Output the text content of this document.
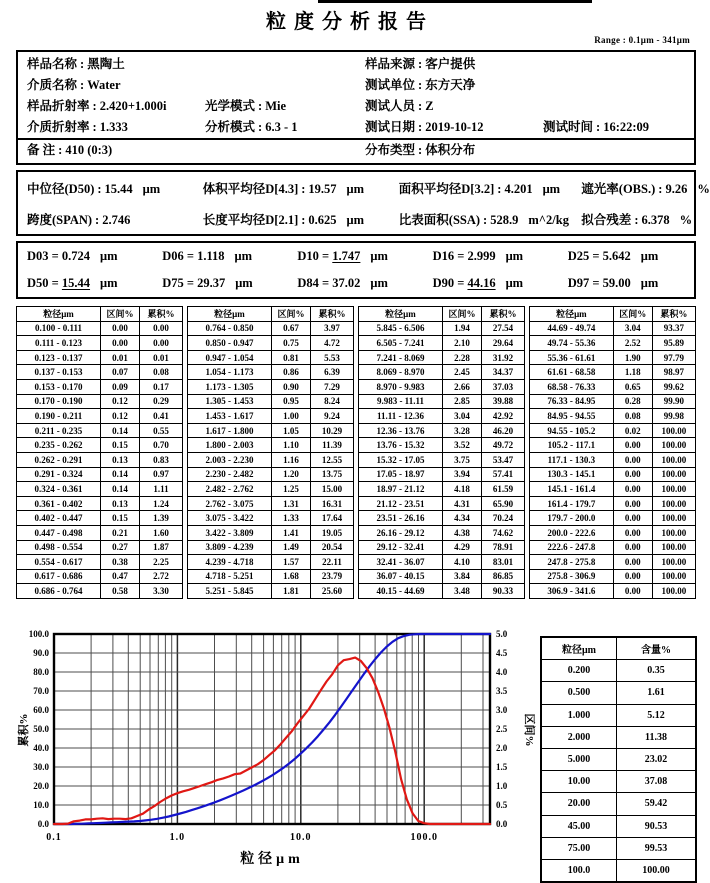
粒度分析报告
Range : 0.1μm - 341μm
样品名称 : 黑陶土
介质名称 : Water
样品折射率 : 2.420+1.000i	光学模式 : Mie
介质折射率 : 1.333	分析模式 : 6.3 - 1
备 注 : 410 (0:3)
样品来源 : 客户提供
测试单位 : 东方天净
测试人员 : Z
测试日期 : 2019-10-12	测试时间 : 16:22:09
分布类型 : 体积分布
中位径(D50) : 15.44 μm	体积平均径D[4.3] : 19.57 μm	面积平均径D[3.2] : 4.201 μm	遮光率(OBS.) : 9.26 %
跨度(SPAN) : 2.746	长度平均径D[2.1] : 0.625 μm	比表面积(SSA) : 528.9 m^2/kg 拟合残差 : 6.378 %
D03 = 0.724 μm	D06 = 1.118 μm	D10 = 1.747 μm	D16 = 2.999 μm	D25 = 5.642 μm
D50 = 15.44 μm	D75 = 29.37 μm	D84 = 37.02 μm	D90 = 44.16 μm	D97 = 59.00 μm
粒径μm	区间%	累积%
0.100 - 0.111	0.00	0.00
0.111 - 0.123	0.00	0.00
0.123 - 0.137	0.01	0.01
0.137 - 0.153	0.07	0.08
0.153 - 0.170	0.09	0.17
0.170 - 0.190	0.12	0.29
0.190 - 0.211	0.12	0.41
0.211 - 0.235	0.14	0.55
0.235 - 0.262	0.15	0.70
0.262 - 0.291	0.13	0.83
0.291 - 0.324	0.14	0.97
0.324 - 0.361	0.14	1.11
0.361 - 0.402	0.13	1.24
0.402 - 0.447	0.15	1.39
0.447 - 0.498	0.21	1.60
0.498 - 0.554	0.27	1.87
0.554 - 0.617	0.38	2.25
0.617 - 0.686	0.47	2.72
0.686 - 0.764	0.58	3.30
粒径μm	区间%	累积%
0.764 - 0.850	0.67	3.97
0.850 - 0.947	0.75	4.72
0.947 - 1.054	0.81	5.53
1.054 - 1.173	0.86	6.39
1.173 - 1.305	0.90	7.29
1.305 - 1.453	0.95	8.24
1.453 - 1.617	1.00	9.24
1.617 - 1.800	1.05	10.29
1.800 - 2.003	1.10	11.39
2.003 - 2.230	1.16	12.55
2.230 - 2.482	1.20	13.75
2.482 - 2.762	1.25	15.00
2.762 - 3.075	1.31	16.31
3.075 - 3.422	1.33	17.64
3.422 - 3.809	1.41	19.05
3.809 - 4.239	1.49	20.54
4.239 - 4.718	1.57	22.11
4.718 - 5.251	1.68	23.79
5.251 - 5.845	1.81	25.60
粒径μm	区间%	累积%
5.845 - 6.506	1.94	27.54
6.505 - 7.241	2.10	29.64
7.241 - 8.069	2.28	31.92
8.069 - 8.970	2.45	34.37
8.970 - 9.983	2.66	37.03
9.983 - 11.11	2.85	39.88
11.11 - 12.36	3.04	42.92
12.36 - 13.76	3.28	46.20
13.76 - 15.32	3.52	49.72
15.32 - 17.05	3.75	53.47
17.05 - 18.97	3.94	57.41
18.97 - 21.12	4.18	61.59
21.12 - 23.51	4.31	65.90
23.51 - 26.16	4.34	70.24
26.16 - 29.12	4.38	74.62
29.12 - 32.41	4.29	78.91
32.41 - 36.07	4.10	83.01
36.07 - 40.15	3.84	86.85
40.15 - 44.69	3.48	90.33
粒径μm	区间%	累积%
44.69 - 49.74	3.04	93.37
49.74 - 55.36	2.52	95.89
55.36 - 61.61	1.90	97.79
61.61 - 68.58	1.18	98.97
68.58 - 76.33	0.65	99.62
76.33 - 84.95	0.28	99.90
84.95 - 94.55	0.08	99.98
94.55 - 105.2	0.02	100.00
105.2 - 117.1	0.00	100.00
117.1 - 130.3	0.00	100.00
130.3 - 145.1	0.00	100.00
145.1 - 161.4	0.00	100.00
161.4 - 179.7	0.00	100.00
179.7 - 200.0	0.00	100.00
200.0 - 222.6	0.00	100.00
222.6 - 247.8	0.00	100.00
247.8 - 275.8	0.00	100.00
275.8 - 306.9	0.00	100.00
306.9 - 341.6	0.00	100.00
0.0
10.0
20.0
30.0
40.0
50.0
60.0
70.0
80.0
90.0
100.0
0.0
0.5
1.0
1.5
2.0
2.5
3.0
3.5
4.0
4.5
5.0
0.1	1.0	10.0	100.0
累积%	区间%
粒径μm
粒径μm	含量%
0.200	0.35
0.500	1.61
1.000	5.12
2.000	11.38
5.000	23.02
10.00	37.08
20.00	59.42
45.00	90.53
75.00	99.53
100.0	100.00
